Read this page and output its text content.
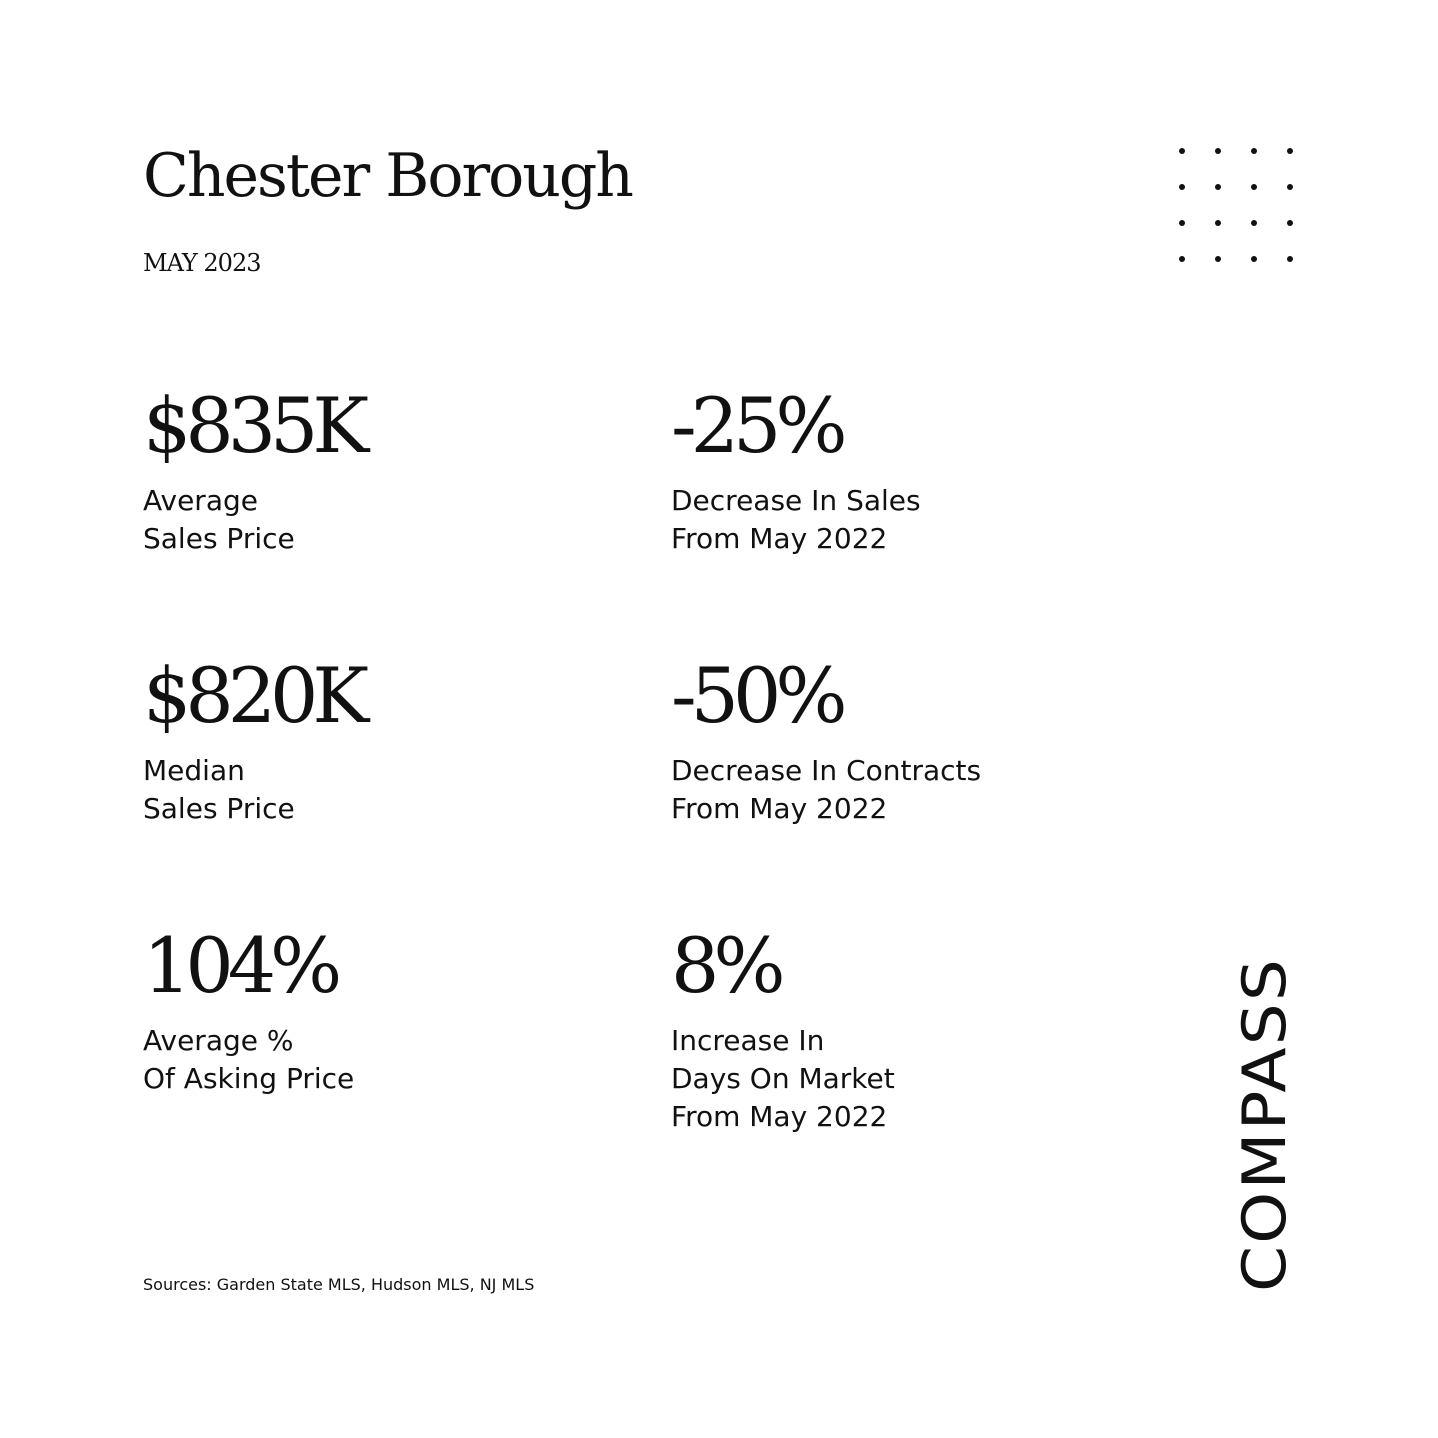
Chester Borough
MAY 2023
$835K
Average
Sales Price
-25%
Decrease In Sales
From May 2022
$820K
Median
Sales Price
-50%
Decrease In Contracts
From May 2022
104%
Average %
Of Asking Price
8%
Increase In
Days On Market
From May 2022
Sources: Garden State MLS, Hudson MLS, NJ MLS	COMPASS
